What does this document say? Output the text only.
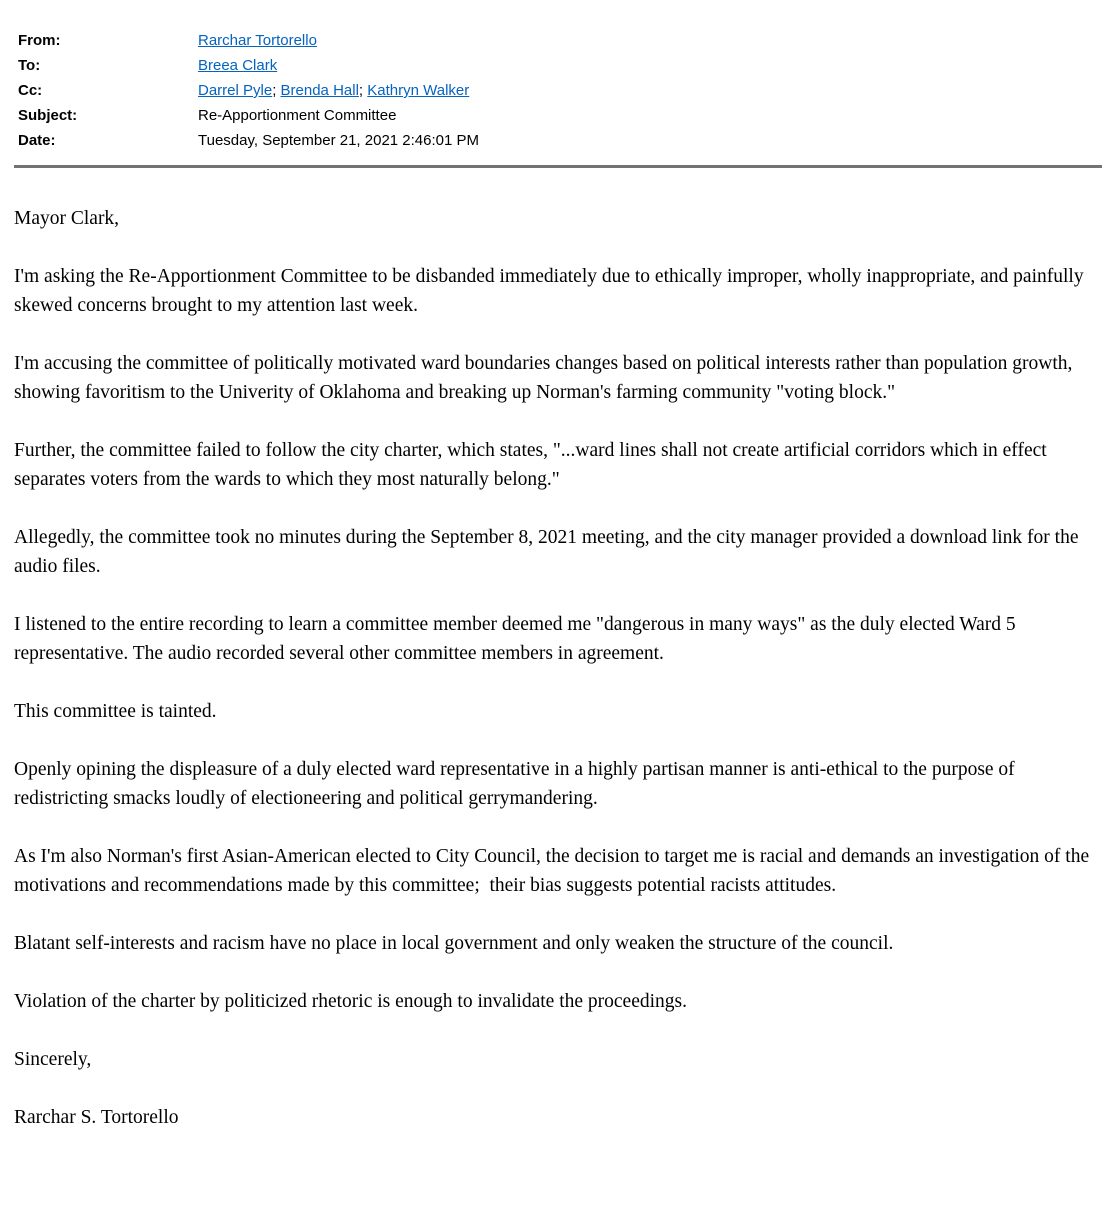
From:	Rarchar Tortorello
To:	Breea Clark
Cc:	Darrel Pyle; Brenda Hall; Kathryn Walker
Subject:	Re-Apportionment Committee
Date:	Tuesday, September 21, 2021 2:46:01 PM

Mayor Clark,

I'm asking the Re-Apportionment Committee to be disbanded immediately due to ethically improper, wholly inappropriate, and painfully skewed concerns brought to my attention last week.

I'm accusing the committee of politically motivated ward boundaries changes based on political interests rather than population growth, showing favoritism to the Univerity of Oklahoma and breaking up Norman's farming community "voting block."

Further, the committee failed to follow the city charter, which states, "...ward lines shall not create artificial corridors which in effect separates voters from the wards to which they most naturally belong."

Allegedly, the committee took no minutes during the September 8, 2021 meeting, and the city manager provided a download link for the audio files.

I listened to the entire recording to learn a committee member deemed me "dangerous in many ways" as the duly elected Ward 5 representative. The audio recorded several other committee members in agreement.

This committee is tainted.

Openly opining the displeasure of a duly elected ward representative in a highly partisan manner is anti-ethical to the purpose of redistricting smacks loudly of electioneering and political gerrymandering.

As I'm also Norman's first Asian-American elected to City Council, the decision to target me is racial and demands an investigation of the motivations and recommendations made by this committee;  their bias suggests potential racists attitudes.

Blatant self-interests and racism have no place in local government and only weaken the structure of the council.

Violation of the charter by politicized rhetoric is enough to invalidate the proceedings.

Sincerely,

Rarchar S. Tortorello
